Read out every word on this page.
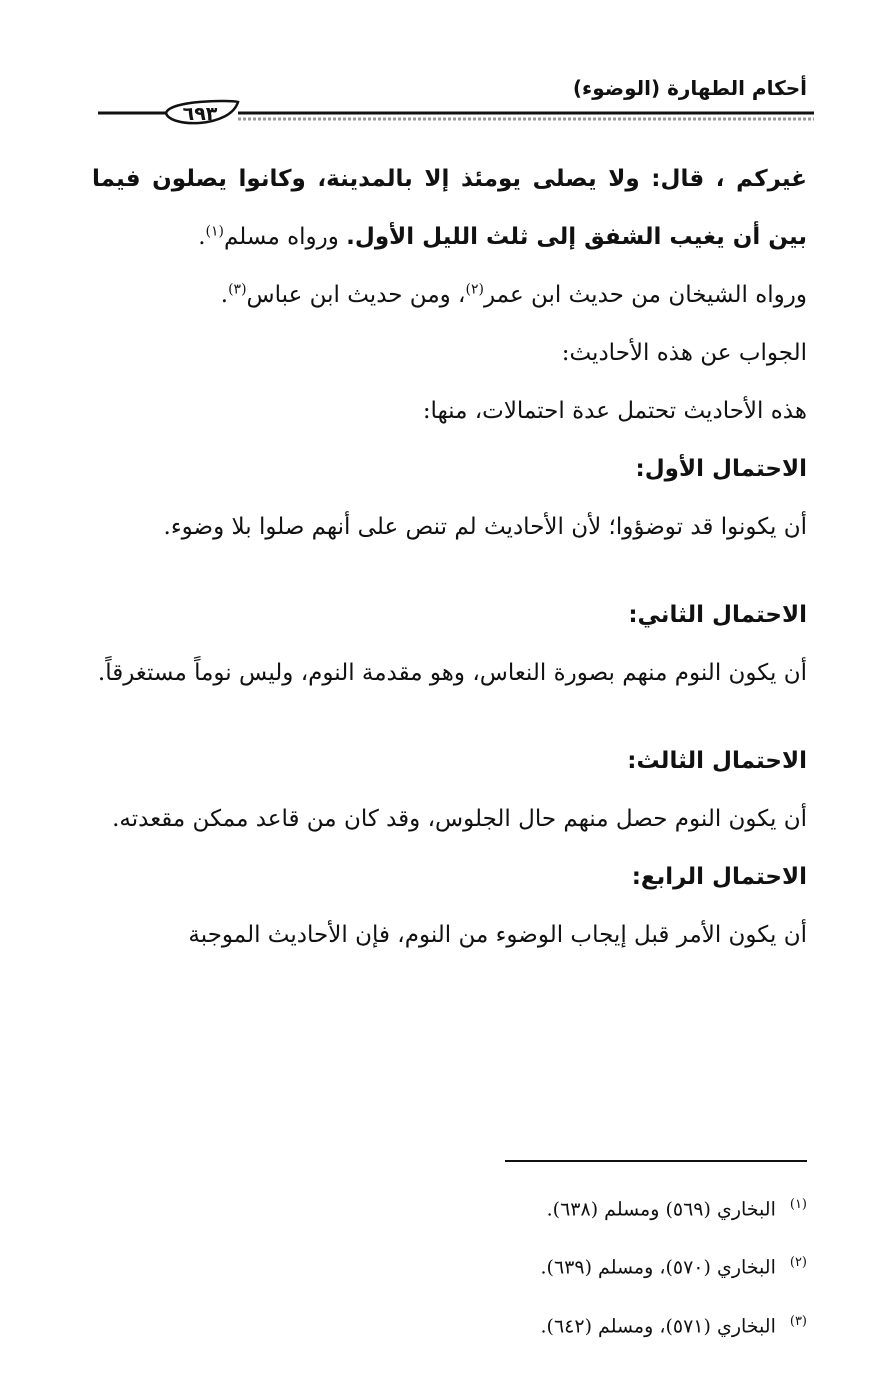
أحكام الطهارة (الوضوء)
٦٩٣

غيركم ، قال: ولا يصلى يومئذ إلا بالمدينة، وكانوا يصلون فيما بين أن يغيب الشفق إلى ثلث الليل الأول. ورواه مسلم$^{(١)}$.

ورواه الشيخان من حديث ابن عمر$^{(٢)}$، ومن حديث ابن عباس$^{(٣)}$.

الجواب عن هذه الأحاديث:

هذه الأحاديث تحتمل عدة احتمالات، منها:

الاحتمال الأول:

أن يكونوا قد توضؤوا؛ لأن الأحاديث لم تنص على أنهم صلوا بلا وضوء.

الاحتمال الثاني:

أن يكون النوم منهم بصورة النعاس، وهو مقدمة النوم، وليس نوماً مستغرقاً.

الاحتمال الثالث:

أن يكون النوم حصل منهم حال الجلوس، وقد كان من قاعد ممكن مقعدته.

الاحتمال الرابع:

أن يكون الأمر قبل إيجاب الوضوء من النوم، فإن الأحاديث الموجبة

$^{(١)}$البخاري (٥٦٩) ومسلم (٦٣٨).

$^{(٢)}$البخاري (٥٧٠)، ومسلم (٦٣٩).

$^{(٣)}$البخاري (٥٧١)، ومسلم (٦٤٢).
